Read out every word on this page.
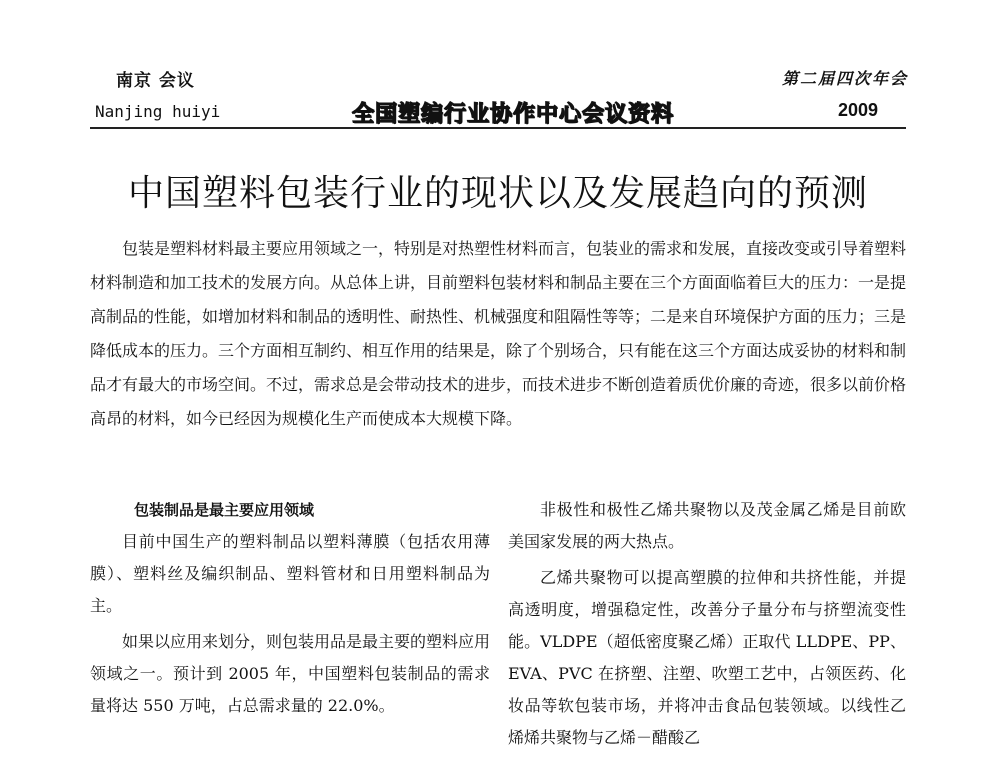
南京 会议
Nanjing huiyi	全国塑编行业协作中心会议资料
第二届四次年会
2009
中国塑料包装行业的现状以及发展趋向的预测

包装是塑料材料最主要应用领域之一，特别是对热塑性材料而言，包装业的需求和发展，直接改变或引导着塑料材料制造和加工技术的发展方向。从总体上讲，目前塑料包装材料和制品主要在三个方面面临着巨大的压力：一是提高制品的性能，如增加材料和制品的透明性、耐热性、机械强度和阻隔性等等；二是来自环境保护方面的压力；三是降低成本的压力。三个方面相互制约、相互作用的结果是，除了个别场合，只有能在这三个方面达成妥协的材料和制品才有最大的市场空间。不过，需求总是会带动技术的进步，而技术进步不断创造着质优价廉的奇迹，很多以前价格高昂的材料，如今已经因为规模化生产而使成本大规模下降。

包装制品是最主要应用领域

目前中国生产的塑料制品以塑料薄膜（包括农用薄膜）、塑料丝及编织制品、塑料管材和日用塑料制品为主。

如果以应用来划分，则包装用品是最主要的塑料应用领域之一。预计到 2005 年，中国塑料包装制品的需求量将达 550 万吨，占总需求量的 22.0%。

非极性和极性乙烯共聚物以及茂金属乙烯是目前欧美国家发展的两大热点。

乙烯共聚物可以提高塑膜的拉伸和共挤性能，并提高透明度，增强稳定性，改善分子量分布与挤塑流变性能。VLDPE（超低密度聚乙烯）正取代 LLDPE、PP、EVA、PVC 在挤塑、注塑、吹塑工艺中，占领医药、化妆品等软包装市场，并将冲击食品包装领域。以线性乙烯烯共聚物与乙烯－醋酸乙
